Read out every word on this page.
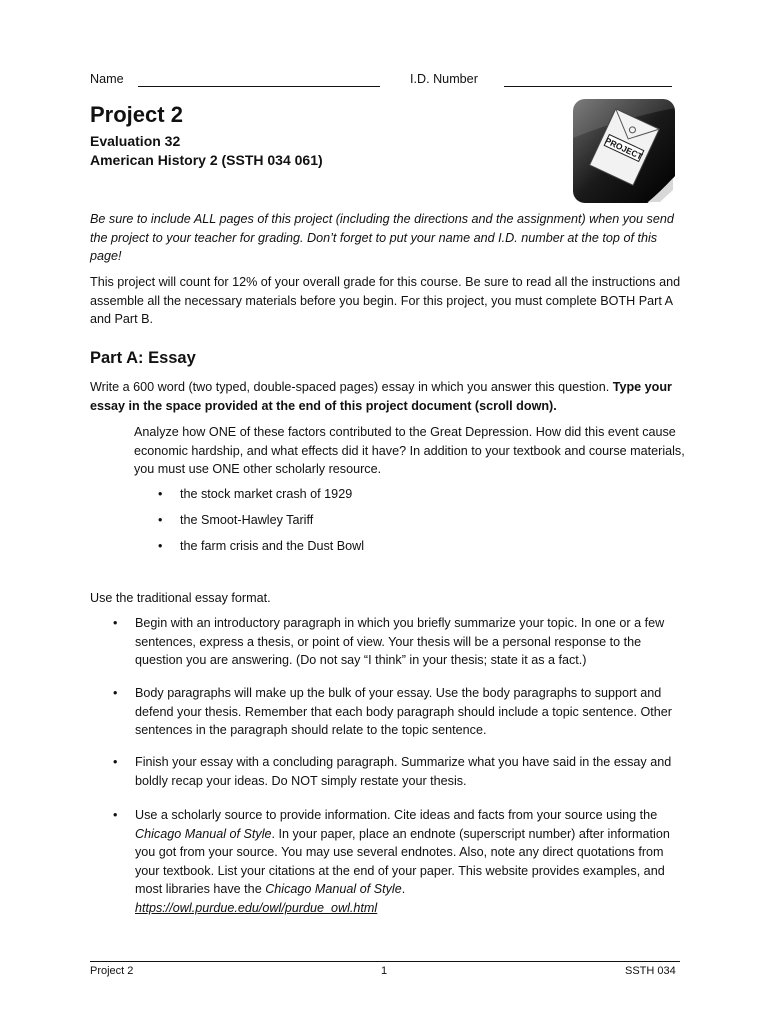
Name	I.D. Number
Project 2
Evaluation 32
American History 2 (SSTH 034 061)	PROJECT
Be sure to include ALL pages of this project (including the directions and the assignment) when you send the project to your teacher for grading. Don’t forget to put your name and I.D. number at the top of this page!
This project will count for 12% of your overall grade for this course. Be sure to read all the instructions and assemble all the necessary materials before you begin. For this project, you must complete BOTH Part A and Part B.
Part A: Essay
Write a 600 word (two typed, double-spaced pages) essay in which you answer this question. Type your essay in the space provided at the end of this project document (scroll down).
Analyze how ONE of these factors contributed to the Great Depression. How did this event cause economic hardship, and what effects did it have? In addition to your textbook and course materials, you must use ONE other scholarly resource.
• the stock market crash of 1929
• the Smoot-Hawley Tariff
• the farm crisis and the Dust Bowl
Use the traditional essay format.
• Begin with an introductory paragraph in which you briefly summarize your topic. In one or a few sentences, express a thesis, or point of view. Your thesis will be a personal response to the question you are answering. (Do not say “I think” in your thesis; state it as a fact.)
• Body paragraphs will make up the bulk of your essay. Use the body paragraphs to support and defend your thesis. Remember that each body paragraph should include a topic sentence. Other sentences in the paragraph should relate to the topic sentence.
• Finish your essay with a concluding paragraph. Summarize what you have said in the essay and boldly recap your ideas. Do NOT simply restate your thesis.
• Use a scholarly source to provide information. Cite ideas and facts from your source using the Chicago Manual of Style. In your paper, place an endnote (superscript number) after information you got from your source. You may use several endnotes. Also, note any direct quotations from your textbook. List your citations at the end of your paper. This website provides examples, and most libraries have the Chicago Manual of Style.
https://owl.purdue.edu/owl/purdue_owl.html
Project 2	1	SSTH 034
